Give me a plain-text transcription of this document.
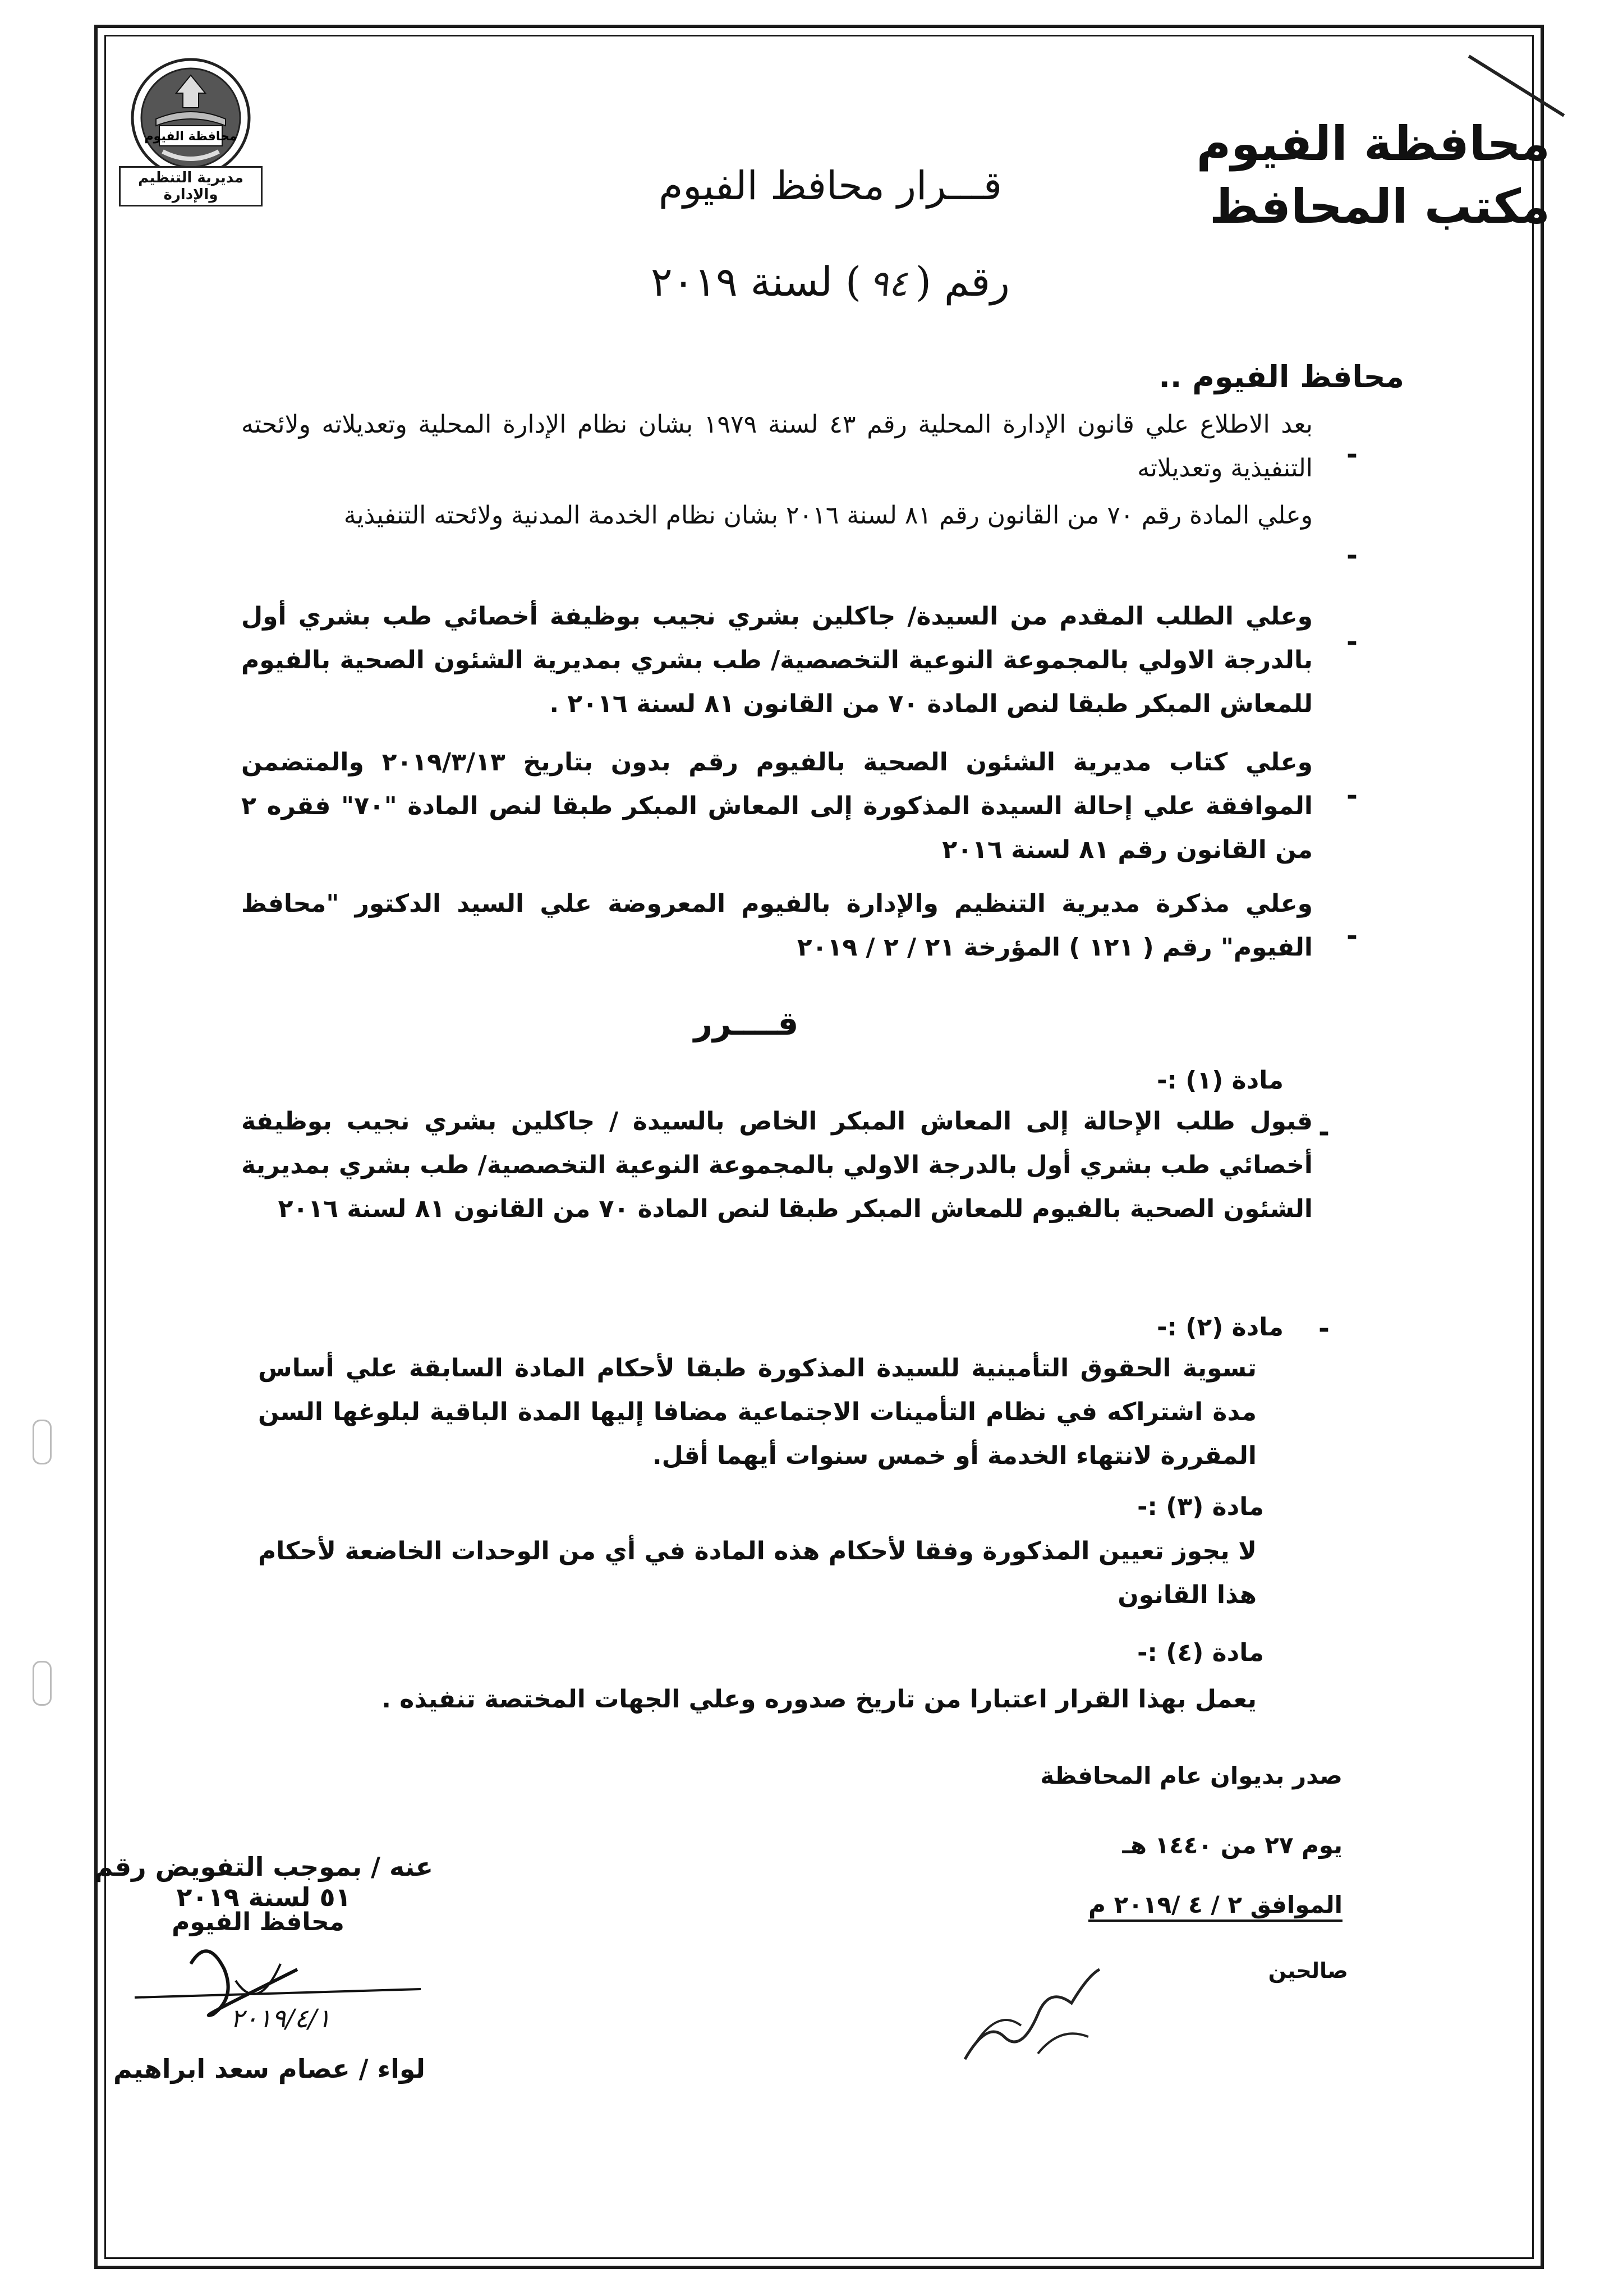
محافظة الفيوم
مديرية التنظيم والإدارة
محافظة الفيوم
مكتب المحافظ
قـــرار محافظ الفيوم
رقم (٩٤) لسنة ٢٠١٩
محافظ الفيوم ..
-
بعد الاطلاع علي قانون الإدارة المحلية رقم ٤٣ لسنة ١٩٧٩ بشان نظام الإدارة المحلية وتعديلاته ولائحته التنفيذية وتعديلاته
-
وعلي المادة رقم ٧٠ من القانون رقم ٨١ لسنة ٢٠١٦ بشان نظام الخدمة المدنية ولائحته التنفيذية
-
وعلي الطلب المقدم من السيدة/ جاكلين بشري نجيب بوظيفة أخصائي طب بشري أول بالدرجة الاولي بالمجموعة النوعية التخصصية/ طب بشري بمديرية الشئون الصحية بالفيوم للمعاش المبكر طبقا لنص المادة ٧٠ من القانون ٨١ لسنة ٢٠١٦ .
-
وعلي كتاب مديرية الشئون الصحية بالفيوم رقم بدون بتاريخ ٢٠١٩/٣/١٣ والمتضمن الموافقة علي إحالة السيدة المذكورة إلى المعاش المبكر طبقا لنص المادة "٧٠" فقره ٢ من القانون رقم ٨١ لسنة ٢٠١٦
-
وعلي مذكرة مديرية التنظيم والإدارة بالفيوم المعروضة علي السيد الدكتور "محافظ الفيوم" رقم ( ١٢١ ) المؤرخة ٢١ / ٢ / ٢٠١٩
قــــرر
مادة (١) :-
-
قبول طلب الإحالة إلى المعاش المبكر الخاص بالسيدة / جاكلين بشري نجيب بوظيفة أخصائي طب بشري أول بالدرجة الاولي بالمجموعة النوعية التخصصية/ طب بشري بمديرية الشئون الصحية بالفيوم للمعاش المبكر طبقا لنص المادة ٧٠ من القانون ٨١ لسنة ٢٠١٦
-
مادة (٢) :-
تسوية الحقوق التأمينية للسيدة المذكورة طبقا لأحكام المادة السابقة علي أساس مدة اشتراكه في نظام التأمينات الاجتماعية مضافا إليها المدة الباقية لبلوغها السن المقررة لانتهاء الخدمة أو خمس سنوات أيهما أقل.
مادة (٣) :-
لا يجوز تعيين المذكورة وفقا لأحكام هذه المادة في أي من الوحدات الخاضعة لأحكام هذا القانون
مادة (٤) :-
يعمل بهذا القرار اعتبارا من تاريخ صدوره وعلي الجهات المختصة تنفيذه .
صدر بديوان عام المحافظة
يوم ٢٧ من ١٤٤٠ هـ
الموافق ٢ / ٤ /٢٠١٩ م
صالحين
عنه / بموجب التفويض رقم ٥١ لسنة ٢٠١٩
محافظ الفيوم
٢٠١٩/٤/١
لواء / عصام سعد ابراهيم
